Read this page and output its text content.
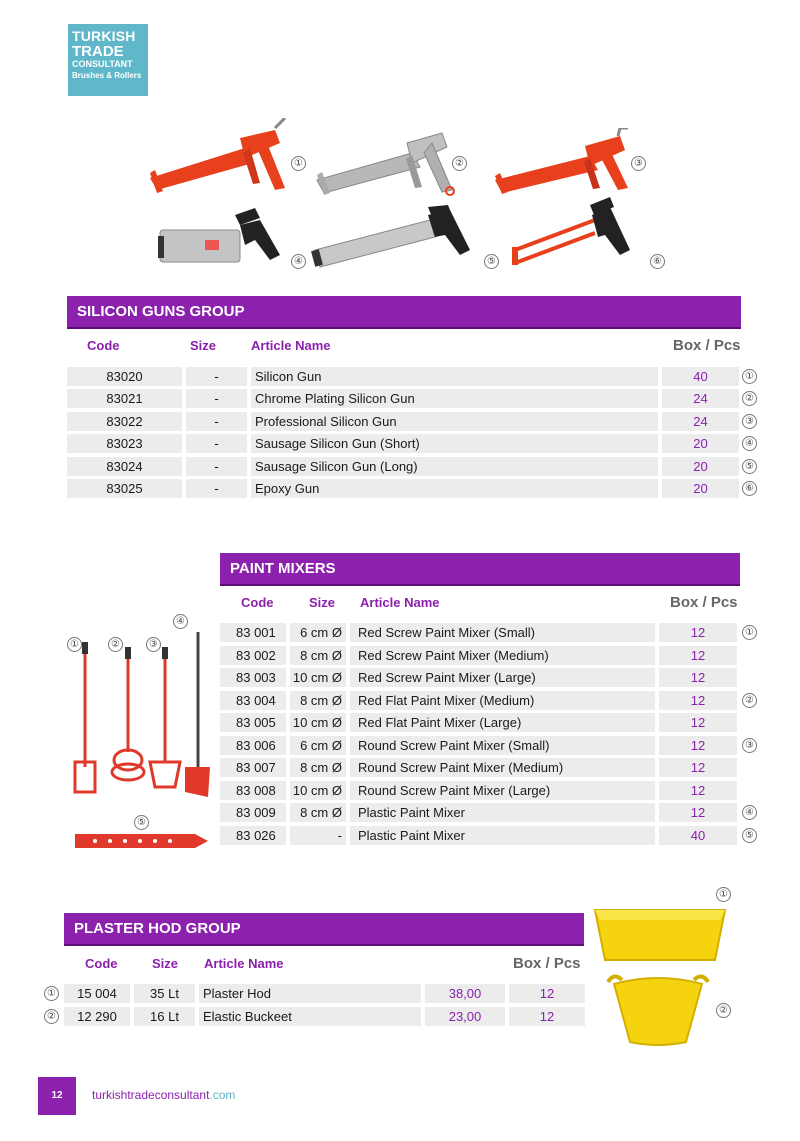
TURKISH
TRADE
CONSULTANT
Brushes & Rollers
①	②	③
④	⑤	⑥
SILICON GUNS GROUP
Code	Size	Article Name	Box / Pcs
83020	-	Silicon Gun	40	①
83021	-	Chrome Plating Silicon Gun	24	②
83022	-	Professional Silicon Gun	24	③
83023	-	Sausage Silicon Gun (Short)	20	④
83024	-	Sausage Silicon Gun (Long)	20	⑤
83025	-	Epoxy Gun	20	⑥
PAINT MIXERS
Code	Size Article Name	Box / Pcs
①	②	③
④
⑤
83 001	6 cm Ø	Red Screw Paint Mixer (Small)	12	①
83 002	8 cm Ø	Red Screw Paint Mixer (Medium)	12
83 003	10 cm Ø	Red Screw Paint Mixer (Large)	12
83 004	8 cm Ø	Red Flat Paint Mixer (Medium)	12	②
83 005	10 cm Ø	Red Flat Paint Mixer (Large)	12
83 006	6 cm Ø	Round Screw Paint Mixer (Small)	12	③
83 007	8 cm Ø	Round Screw Paint Mixer (Medium)	12
83 008	10 cm Ø	Round Screw Paint Mixer (Large)	12
83 009	8 cm Ø	Plastic Paint Mixer	12	④
83 026	-	Plastic Paint Mixer	40	⑤
PLASTER HOD GROUP
Code	Size Article Name	Box / Pcs
①	15 004	35 Lt	Plaster Hod	38,00	12
②	12 290	16 Lt	Elastic Buckeet	23,00	12
①
②
12	turkishtradeconsultant.com
